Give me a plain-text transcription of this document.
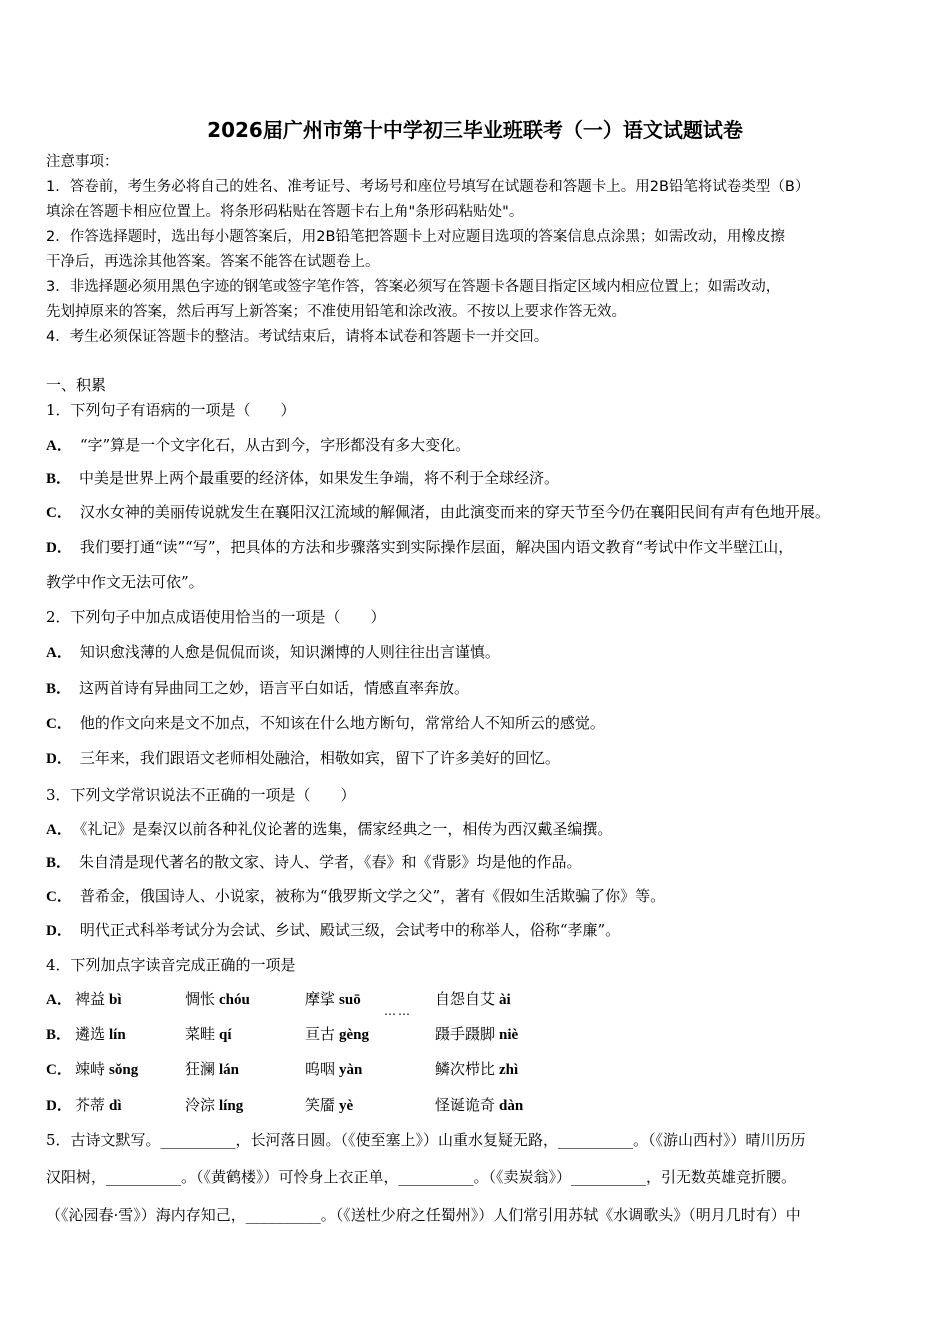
2026届广州市第十中学初三毕业班联考（一）语文试题试卷
注意事项：
1．答卷前，考生务必将自己的姓名、准考证号、考场号和座位号填写在试题卷和答题卡上。用2B铅笔将试卷类型（B）
填涂在答题卡相应位置上。将条形码粘贴在答题卡右上角"条形码粘贴处"。
2．作答选择题时，选出每小题答案后，用2B铅笔把答题卡上对应题目选项的答案信息点涂黑；如需改动，用橡皮擦
干净后，再选涂其他答案。答案不能答在试题卷上。
3．非选择题必须用黑色字迹的钢笔或签字笔作答，答案必须写在答题卡各题目指定区域内相应位置上；如需改动，
先划掉原来的答案，然后再写上新答案；不准使用铅笔和涂改液。不按以上要求作答无效。
4．考生必须保证答题卡的整洁。考试结束后，请将本试卷和答题卡一并交回。
一、积累
1．下列句子有语病的一项是（　　）
A． “字”算是一个文字化石，从古到今，字形都没有多大变化。
B． 中美是世界上两个最重要的经济体，如果发生争端，将不利于全球经济。
C． 汉水女神的美丽传说就发生在襄阳汉江流域的解佩渚，由此演变而来的穿天节至今仍在襄阳民间有声有色地开展。
D． 我们要打通“读”“写”，把具体的方法和步骤落实到实际操作层面，解决国内语文教育“考试中作文半壁江山，
教学中作文无法可依”。
2．下列句子中加点成语使用恰当的一项是（　　）
A． 知识愈浅薄的人愈是侃侃而谈，知识渊博的人则往往出言谨慎。
B． 这两首诗有异曲同工之妙，语言平白如话，情感直率奔放。
C． 他的作文向来是文不加点，不知该在什么地方断句，常常给人不知所云的感觉。
D． 三年来，我们跟语文老师相处融洽，相敬如宾，留下了许多美好的回忆。
3．下列文学常识说法不正确的一项是（　　）
A． 《礼记》是秦汉以前各种礼仪论著的选集，儒家经典之一，相传为西汉戴圣编撰。
B． 朱自清是现代著名的散文家、诗人、学者，《春》和《背影》均是他的作品。
C． 普希金，俄国诗人、小说家，被称为“俄罗斯文学之父”，著有《假如生活欺骗了你》等。
D． 明代正式科举考试分为会试、乡试、殿试三级，会试考中的称举人，俗称“孝廉”。
4．下列加点字读音完成正确的一项是
……
A． 裨益 bì	惆怅 chóu	摩挲 suō	自怨自艾 ài
B． 遴选 lín	菜畦 qí	亘古 gèng	蹑手蹑脚 niè
C． 竦峙 sǒng	狂澜 lán	呜咽 yàn	鳞次栉比 zhì
D． 芥蒂 dì	泠淙 líng	笑靥 yè	怪诞诡奇 dàn
5．古诗文默写。__________，长河落日圆。（《使至塞上》）山重水复疑无路，__________。（《游山西村》）晴川历历
汉阳树，__________。（《黄鹤楼》）可怜身上衣正单，__________。（《卖炭翁》）__________，引无数英雄竞折腰。
（《沁园春·雪》）海内存知己，__________。（《送杜少府之任蜀州》）人们常引用苏轼《水调歌头》（明月几时有）中
